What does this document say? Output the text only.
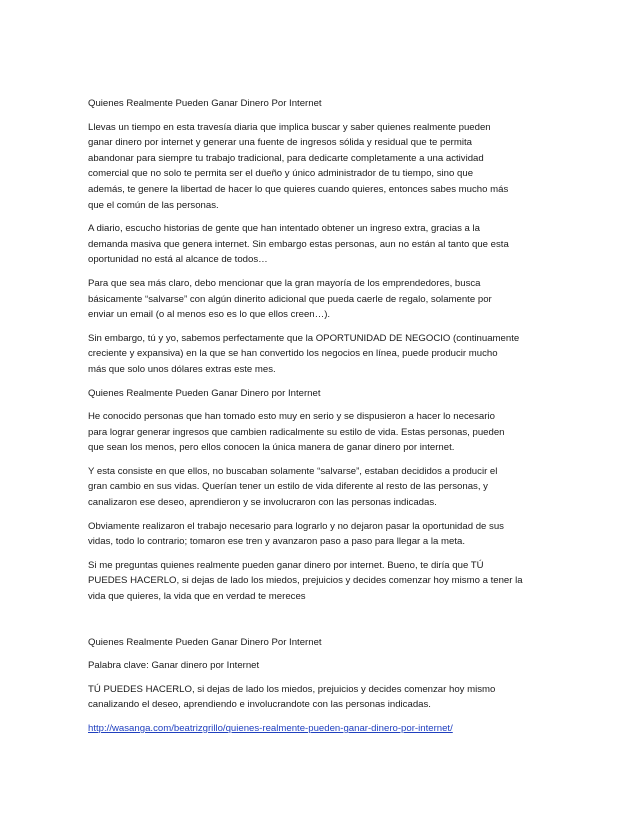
Quienes Realmente Pueden Ganar Dinero Por Internet
Llevas un tiempo en esta travesía diaria que implica buscar y saber quienes realmente pueden
ganar dinero por internet y generar una fuente de ingresos sólida y residual que te permita
abandonar para siempre tu trabajo tradicional, para dedicarte completamente a una actividad
comercial que no solo te permita ser el dueño y único administrador de tu tiempo, sino que
además, te genere la libertad de hacer lo que quieres cuando quieres, entonces sabes mucho más
que el común de las personas.
A diario, escucho historias de gente que han intentado obtener un ingreso extra, gracias a la
demanda masiva que genera internet. Sin embargo estas personas, aun no están al tanto que esta
oportunidad no está al alcance de todos…
Para que sea más claro, debo mencionar que la gran mayoría de los emprendedores, busca
básicamente “salvarse” con algún dinerito adicional que pueda caerle de regalo, solamente por
enviar un email (o al menos eso es lo que ellos creen…).
Sin embargo, tú y yo, sabemos perfectamente que la OPORTUNIDAD DE NEGOCIO (continuamente
creciente y expansiva) en la que se han convertido los negocios en línea, puede producir mucho
más que solo unos dólares extras este mes.
Quienes Realmente Pueden Ganar Dinero por Internet
He conocido personas que han tomado esto muy en serio y se dispusieron a hacer lo necesario
para lograr generar ingresos que cambien radicalmente su estilo de vida. Estas personas, pueden
que sean los menos, pero ellos conocen la única manera de ganar dinero por internet.
Y esta consiste en que ellos, no buscaban solamente “salvarse”, estaban decididos a producir el
gran cambio en sus vidas. Querían tener un estilo de vida diferente al resto de las personas, y
canalizaron ese deseo, aprendieron y se involucraron con las personas indicadas.
Obviamente realizaron el trabajo necesario para lograrlo y no dejaron pasar la oportunidad de sus
vidas, todo lo contrario; tomaron ese tren y avanzaron paso a paso para llegar a la meta.
Si me preguntas quienes realmente pueden ganar dinero por internet. Bueno, te diría que TÚ
PUEDES HACERLO, si dejas de lado los miedos, prejuicios y decides comenzar hoy mismo a tener la
vida que quieres, la vida que en verdad te mereces
Quienes Realmente Pueden Ganar Dinero Por Internet
Palabra clave: Ganar dinero por Internet
TÚ PUEDES HACERLO, si dejas de lado los miedos, prejuicios y decides comenzar hoy mismo
canalizando el deseo, aprendiendo e involucrandote con las personas indicadas.
http://wasanga.com/beatrizgrillo/quienes-realmente-pueden-ganar-dinero-por-internet/
